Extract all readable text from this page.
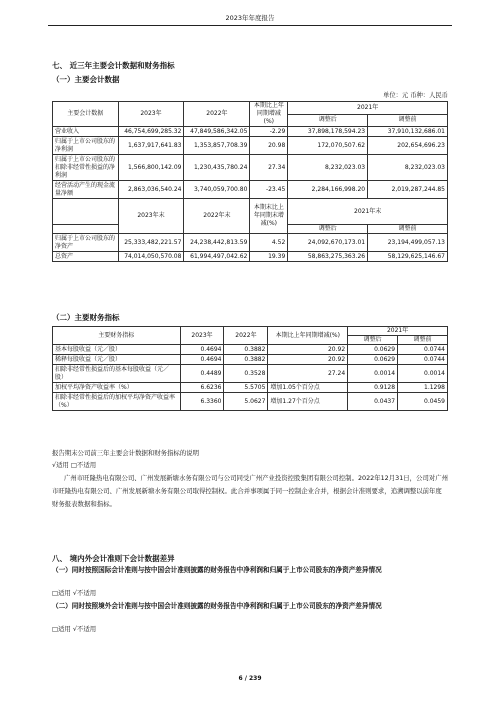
2023年年度报告
七、 近三年主要会计数据和财务指标
（一）主要会计数据
单位：元 币种：人民币
主要会计数据	2023年	2022年	本期比上年同期增减(%)	2021年	
				调整后	调整前
营业收入	46,754,699,285.32	47,849,586,342.05	-2.29	37,898,178,594.23	37,910,132,686.01
归属于上市公司股东的净利润	1,637,917,641.83	1,353,857,708.39	20.98	172,070,507.62	202,654,696.23
归属于上市公司股东的扣除非经常性损益的净利润	1,566,800,142.09	1,230,435,780.24	27.34	8,232,023.03	8,232,023.03
经营活动产生的现金流量净额	2,863,036,540.24	3,740,059,700.80	-23.45	2,284,166,998.20	2,019,287,244.85
	2023年末	2022年末	本期末比上年同期末增减(%)	2021年末	
				调整后	调整前
归属于上市公司股东的净资产	25,333,482,221.57	24,238,442,813.59	4.52	24,092,670,173.01	23,194,499,057.13
总资产	74,014,050,570.08	61,994,497,042.62	19.39	58,863,275,363.26	58,129,625,146.67
（二）主要财务指标
主要财务指标	2023年	2022年	本期比上年同期增减(%)	2021年	
				调整后	调整前
基本每股收益（元／股）	0.4694	0.3882	20.92	0.0629	0.0744
稀释每股收益（元／股）	0.4694	0.3882	20.92	0.0629	0.0744
扣除非经常性损益后的基本每股收益（元／股）	0.4489	0.3528	27.24	0.0014	0.0014
加权平均净资产收益率（%）	6.6236	5.5705	增加1.05个百分点	0.9128	1.1298
扣除非经常性损益后的加权平均净资产收益率（%）	6.3360	5.0627	增加1.27个百分点	0.0437	0.0459
报告期末公司前三年主要会计数据和财务指标的说明
√适用 □不适用
广州市旺隆热电有限公司、广州发展新塘水务有限公司与公司同受广州产业投资控股集团有限公司控制。2022年12月31日，公司对广州市旺隆热电有限公司、广州发展新塘水务有限公司取得控制权。此合并事项属于同一控制企业合并，根据会计准则要求，追溯调整以前年度财务报表数据和指标。
八、 境内外会计准则下会计数据差异
（一）同时按照国际会计准则与按中国会计准则披露的财务报告中净利润和归属于上市公司股东的净资产差异情况
□适用 √不适用
（二）同时按照境外会计准则与按中国会计准则披露的财务报告中净利润和归属于上市公司股东的净资产差异情况
□适用 √不适用
6 / 239
